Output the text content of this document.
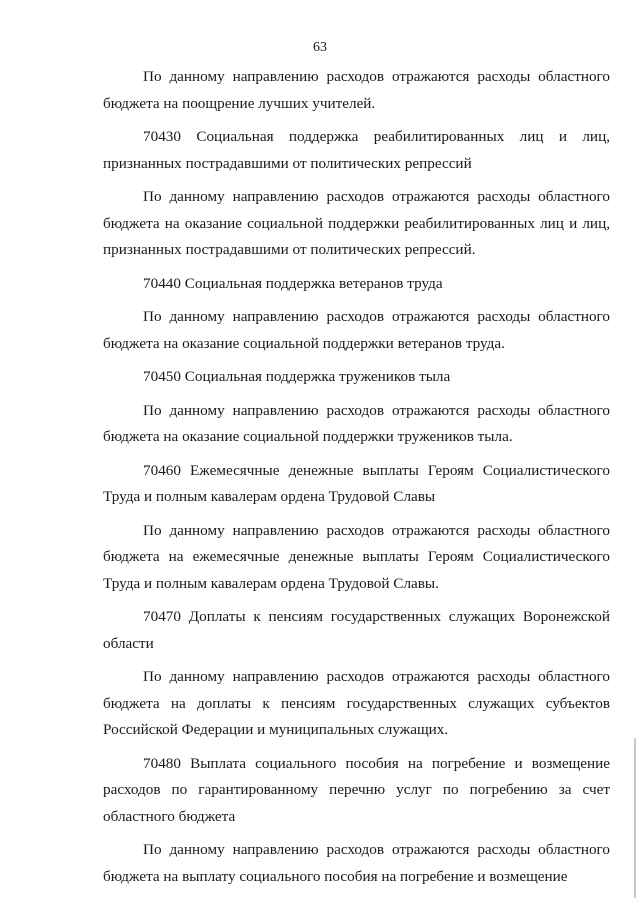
63

По данному направлению расходов отражаются расходы областного бюджета на поощрение лучших учителей.

70430 Социальная поддержка реабилитированных лиц и лиц, признанных пострадавшими от политических репрессий

По данному направлению расходов отражаются расходы областного бюджета на оказание социальной поддержки реабилитированных лиц и лиц, признанных пострадавшими от политических репрессий.

70440 Социальная поддержка ветеранов труда

По данному направлению расходов отражаются расходы областного бюджета на оказание социальной поддержки ветеранов труда.

70450 Социальная поддержка тружеников тыла

По данному направлению расходов отражаются расходы областного бюджета на оказание социальной поддержки тружеников тыла.

70460 Ежемесячные денежные выплаты Героям Социалистического Труда и полным кавалерам ордена Трудовой Славы

По данному направлению расходов отражаются расходы областного бюджета на ежемесячные денежные выплаты Героям Социалистического Труда и полным кавалерам ордена Трудовой Славы.

70470 Доплаты к пенсиям государственных служащих Воронежской области

По данному направлению расходов отражаются расходы областного бюджета на доплаты к пенсиям государственных служащих субъектов Российской Федерации и муниципальных служащих.

70480 Выплата социального пособия на погребение и возмещение расходов по гарантированному перечню услуг по погребению за счет областного бюджета

По данному направлению расходов отражаются расходы областного бюджета на выплату социального пособия на погребение и возмещение
